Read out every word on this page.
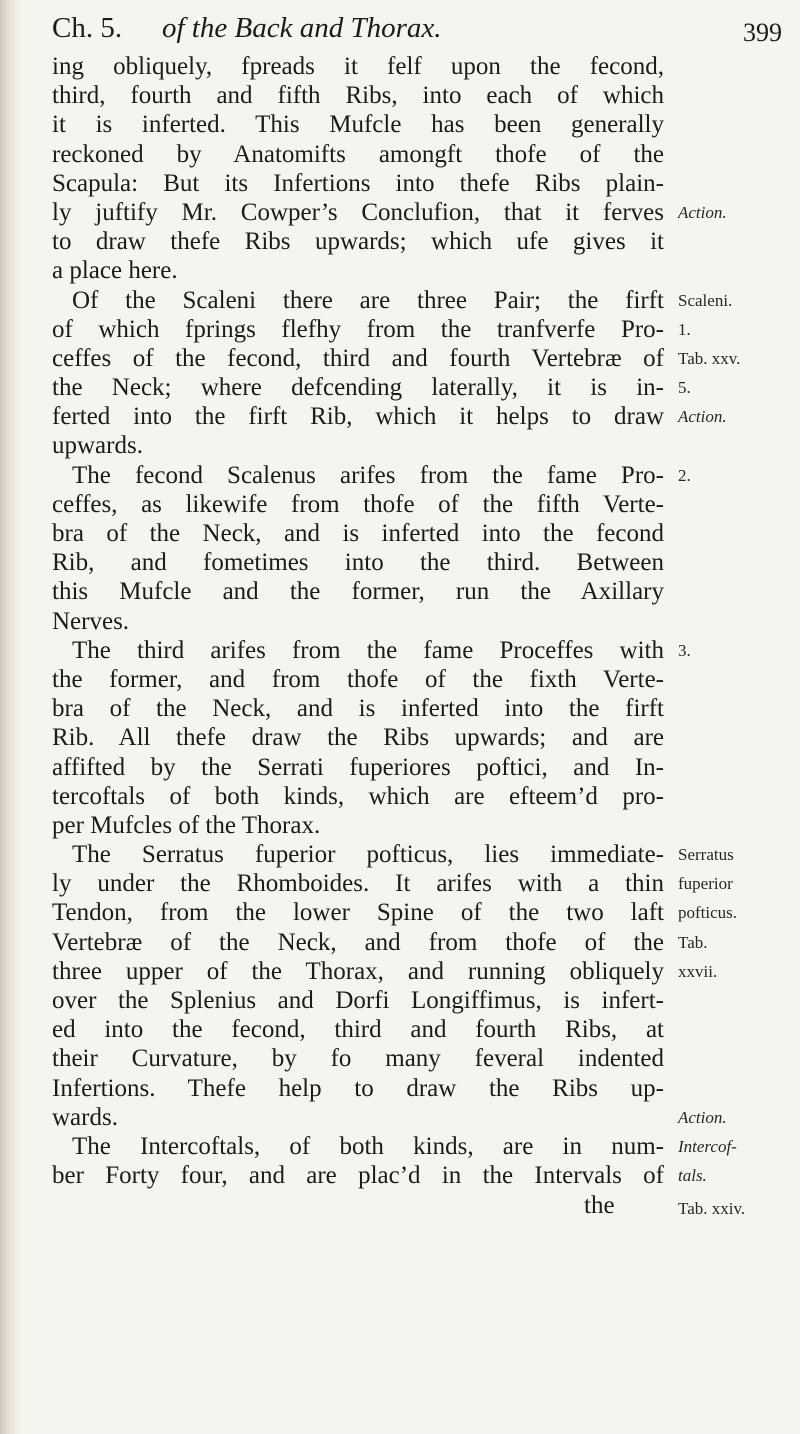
Ch. 5. of the Back and Thorax.	399
ing obliquely, fpreads it felf upon the fecond,
third, fourth and fifth Ribs, into each of which
it is inferted. This Mufcle has been generally
reckoned by Anatomifts amongft thofe of the
Scapula: But its Infertions into thefe Ribs plain-
ly juftify Mr. Cowper’s Conclufion, that it ferves Action.
to draw thefe Ribs upwards; which ufe gives it
a place here.
Of the Scaleni there are three Pair; the firft Scaleni.
of which fprings flefhy from the tranfverfe Pro- 1.
ceffes of the fecond, third and fourth Vertebræ of Tab. xxv.
the Neck; where defcending laterally, it is in- 5.
ferted into the firft Rib, which it helps to draw Action.
upwards.
The fecond Scalenus arifes from the fame Pro- 2.
ceffes, as likewife from thofe of the fifth Verte-
bra of the Neck, and is inferted into the fecond
Rib, and fometimes into the third. Between
this Mufcle and the former, run the Axillary
Nerves.
The third arifes from the fame Proceffes with 3.
the former, and from thofe of the fixth Verte-
bra of the Neck, and is inferted into the firft
Rib. All thefe draw the Ribs upwards; and are
affifted by the Serrati fuperiores poftici, and In-
tercoftals of both kinds, which are efteem’d pro-
per Mufcles of the Thorax.
The Serratus fuperior pofticus, lies immediate- Serratus
ly under the Rhomboides. It arifes with a thin fuperior
Tendon, from the lower Spine of the two laft pofticus.
Vertebræ of the Neck, and from thofe of the Tab.
three upper of the Thorax, and running obliquely xxvii.
over the Splenius and Dorfi Longiffimus, is infert-
ed into the fecond, third and fourth Ribs, at
their Curvature, by fo many feveral indented
Infertions. Thefe help to draw the Ribs up-
wards.	Action.
The Intercoftals, of both kinds, are in num- Intercof-
ber Forty four, and are plac’d in the Intervals of tals.
the	Tab. xxiv.
